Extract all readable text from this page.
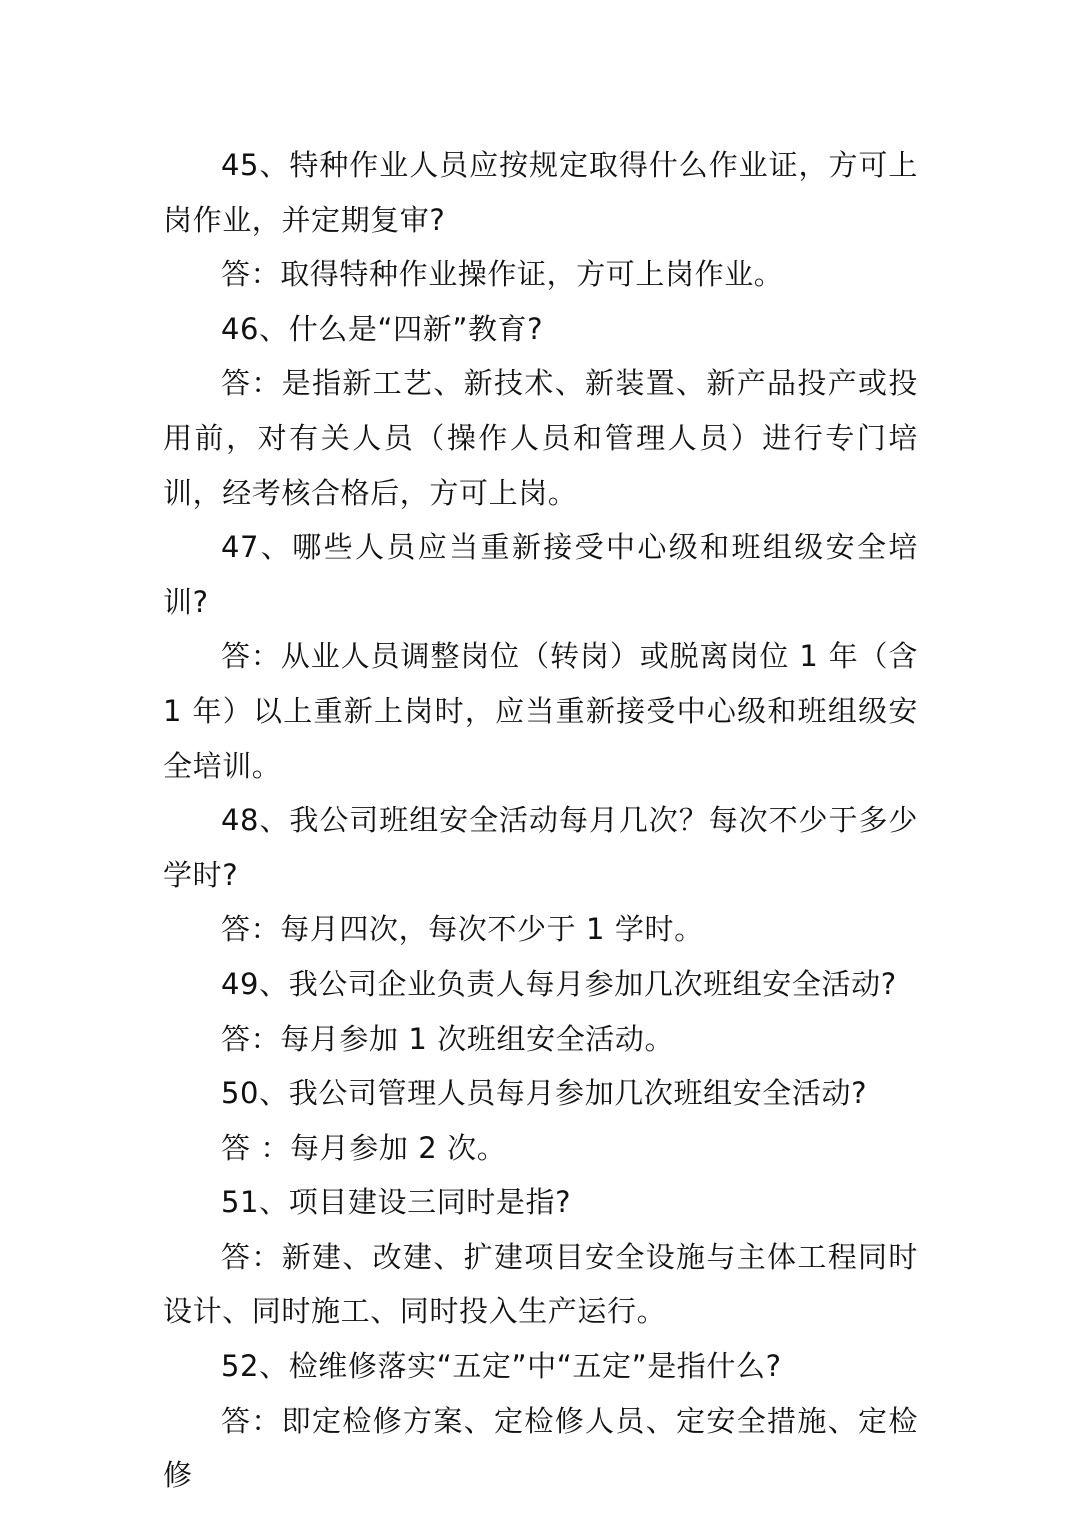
45、特种作业人员应按规定取得什么作业证，方可上岗作业，并定期复审?

答：取得特种作业操作证，方可上岗作业。

46、什么是“四新”教育?

答：是指新工艺、新技术、新装置、新产品投产或投用前，对有关人员（操作人员和管理人员）进行专门培训，经考核合格后，方可上岗。

47、哪些人员应当重新接受中心级和班组级安全培训?

答：从业人员调整岗位（转岗）或脱离岗位 1 年（含 1 年）以上重新上岗时，应当重新接受中心级和班组级安全培训。

48、我公司班组安全活动每月几次？每次不少于多少学时?

答：每月四次，每次不少于 1 学时。

49、我公司企业负责人每月参加几次班组安全活动?

答：每月参加 1 次班组安全活动。

50、我公司管理人员每月参加几次班组安全活动?

答 ：每月参加 2 次。

51、项目建设三同时是指?

答：新建、改建、扩建项目安全设施与主体工程同时设计、同时施工、同时投入生产运行。

52、检维修落实“五定”中“五定”是指什么?

答：即定检修方案、定检修人员、定安全措施、定检修
